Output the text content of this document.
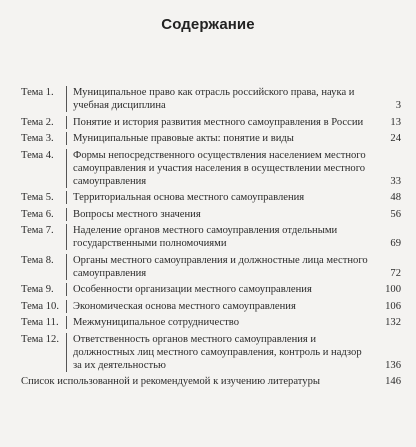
Содержание
Тема 1.	Муниципальное право как отрасль российского права, наука и учебная дисциплина	3
Тема 2.	Понятие и история развития местного самоуправления в России	13
Тема 3.	Муниципальные правовые акты: понятие и виды	24
Тема 4.	Формы непосредственного осуществления населением местного самоуправления и участия населения в осуществлении местного самоуправления	33
Тема 5.	Территориальная основа местного самоуправления	48
Тема 6.	Вопросы местного значения	56
Тема 7.	Наделение органов местного самоуправления отдельными государственными полномочиями	69
Тема 8.	Органы местного самоуправления и должностные лица местного самоуправления	72
Тема 9.	Особенности организации местного самоуправления	100
Тема 10.	Экономическая основа местного самоуправления	106
Тема 11.	Межмуниципальное сотрудничество	132
Тема 12.	Ответственность органов местного самоуправления и должностных лиц местного самоуправления, контроль и надзор за их деятельностью	136
Список использованной и рекомендуемой к изучению литературы	146
